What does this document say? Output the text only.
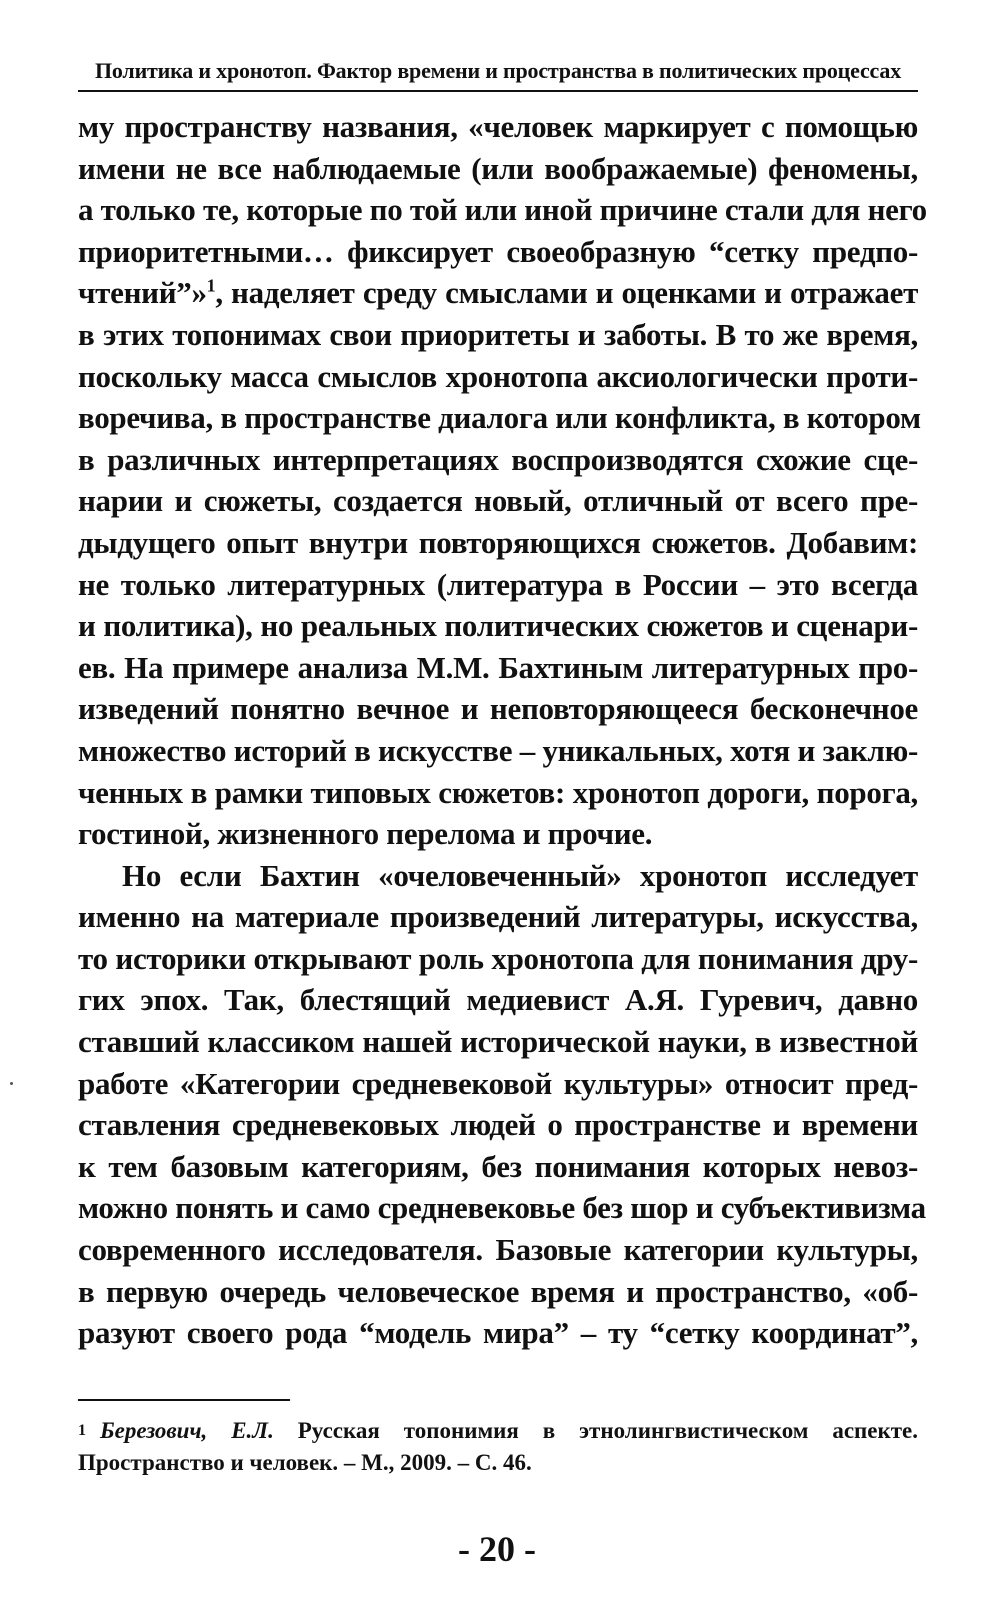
Политика и хронотоп. Фактор времени и пространства в политических процессах
му пространству названия, «человек маркирует с помощью
имени не все наблюдаемые (или воображаемые) феномены,
а только те, которые по той или иной причине стали для него
приоритетными… фиксирует своеобразную “сетку предпо-
чтений”»$^1$, наделяет среду смыслами и оценками и отражает
в этих топонимах свои приоритеты и заботы. В то же время,
поскольку масса смыслов хронотопа аксиологически проти-
воречива, в пространстве диалога или конфликта, в котором
в различных интерпретациях воспроизводятся схожие сце-
нарии и сюжеты, создается новый, отличный от всего пре-
дыдущего опыт внутри повторяющихся сюжетов. Добавим:
не только литературных (литература в России – это всегда
и политика), но реальных политических сюжетов и сценари-
ев. На примере анализа М.М. Бахтиным литературных про-
изведений понятно вечное и неповторяющееся бесконечное
множество историй в искусстве – уникальных, хотя и заклю-
ченных в рамки типовых сюжетов: хронотоп дороги, порога,
гостиной, жизненного перелома и прочие.
Но если Бахтин «очеловеченный» хронотоп исследует
именно на материале произведений литературы, искусства,
то историки открывают роль хронотопа для понимания дру-
гих эпох. Так, блестящий медиевист А.Я. Гуревич, давно
ставший классиком нашей исторической науки, в известной
работе «Категории средневековой культуры» относит пред-
ставления средневековых людей о пространстве и времени
к тем базовым категориям, без понимания которых невоз-
можно понять и само средневековье без шор и субъективизма
современного исследователя. Базовые категории культуры,
в первую очередь человеческое время и пространство, «об-
разуют своего рода “модель мира” – ту “сетку координат”,
1 Березович, Е.Л. Русская топонимия в этнолингвистическом аспекте.
Пространство и человек. – М., 2009. – С. 46.
- 20 -
